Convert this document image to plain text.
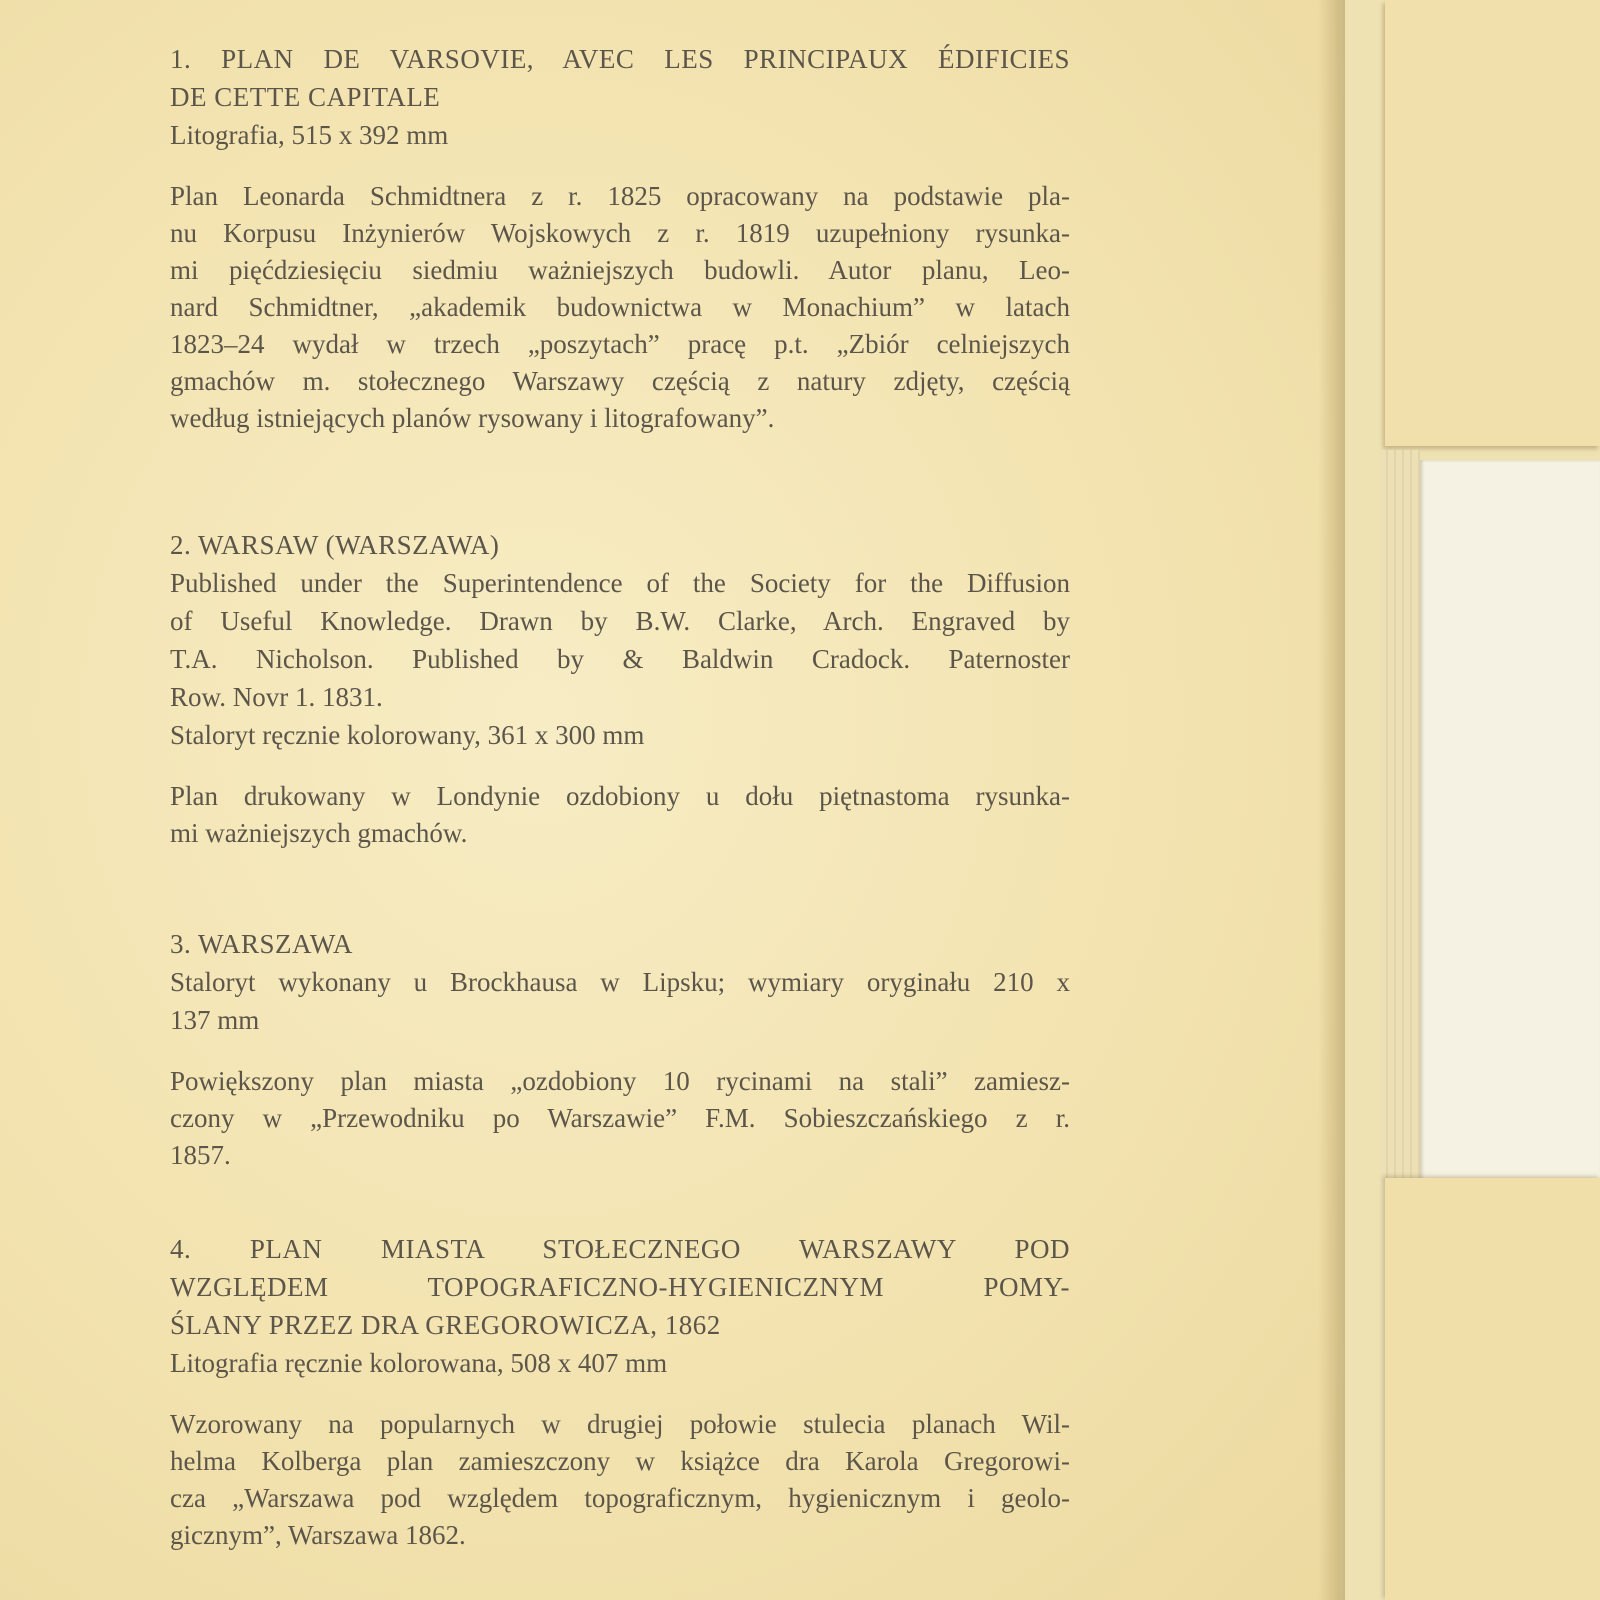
1. PLAN DE VARSOVIE, AVEC LES PRINCIPAUX ÉDIFICIES
DE CETTE CAPITALE
Litografia, 515 x 392 mm
Plan Leonarda Schmidtnera z r. 1825 opracowany na podstawie pla-
nu Korpusu Inżynierów Wojskowych z r. 1819 uzupełniony rysunka-
mi pięćdziesięciu siedmiu ważniejszych budowli. Autor planu, Leo-
nard Schmidtner, „akademik budownictwa w Monachium” w latach
1823–24 wydał w trzech „poszytach” pracę p.t. „Zbiór celniejszych
gmachów m. stołecznego Warszawy częścią z natury zdjęty, częścią
według istniejących planów rysowany i litografowany”.
2. WARSAW (WARSZAWA)
Published under the Superintendence of the Society for the Diffusion
of Useful Knowledge. Drawn by B.W. Clarke, Arch. Engraved by
T.A. Nicholson. Published by & Baldwin Cradock. Paternoster
Row. Novr 1. 1831.
Staloryt ręcznie kolorowany, 361 x 300 mm
Plan drukowany w Londynie ozdobiony u dołu piętnastoma rysunka-
mi ważniejszych gmachów.
3. WARSZAWA
Staloryt wykonany u Brockhausa w Lipsku; wymiary oryginału 210 x
137 mm
Powiększony plan miasta „ozdobiony 10 rycinami na stali” zamiesz-
czony w „Przewodniku po Warszawie” F.M. Sobieszczańskiego z r.
1857.
4. PLAN MIASTA STOŁECZNEGO WARSZAWY POD
WZGLĘDEM TOPOGRAFICZNO-HYGIENICZNYM POMY-
ŚLANY PRZEZ DRA GREGOROWICZA, 1862
Litografia ręcznie kolorowana, 508 x 407 mm
Wzorowany na popularnych w drugiej połowie stulecia planach Wil-
helma Kolberga plan zamieszczony w książce dra Karola Gregorowi-
cza „Warszawa pod względem topograficznym, hygienicznym i geolo-
gicznym”, Warszawa 1862.
